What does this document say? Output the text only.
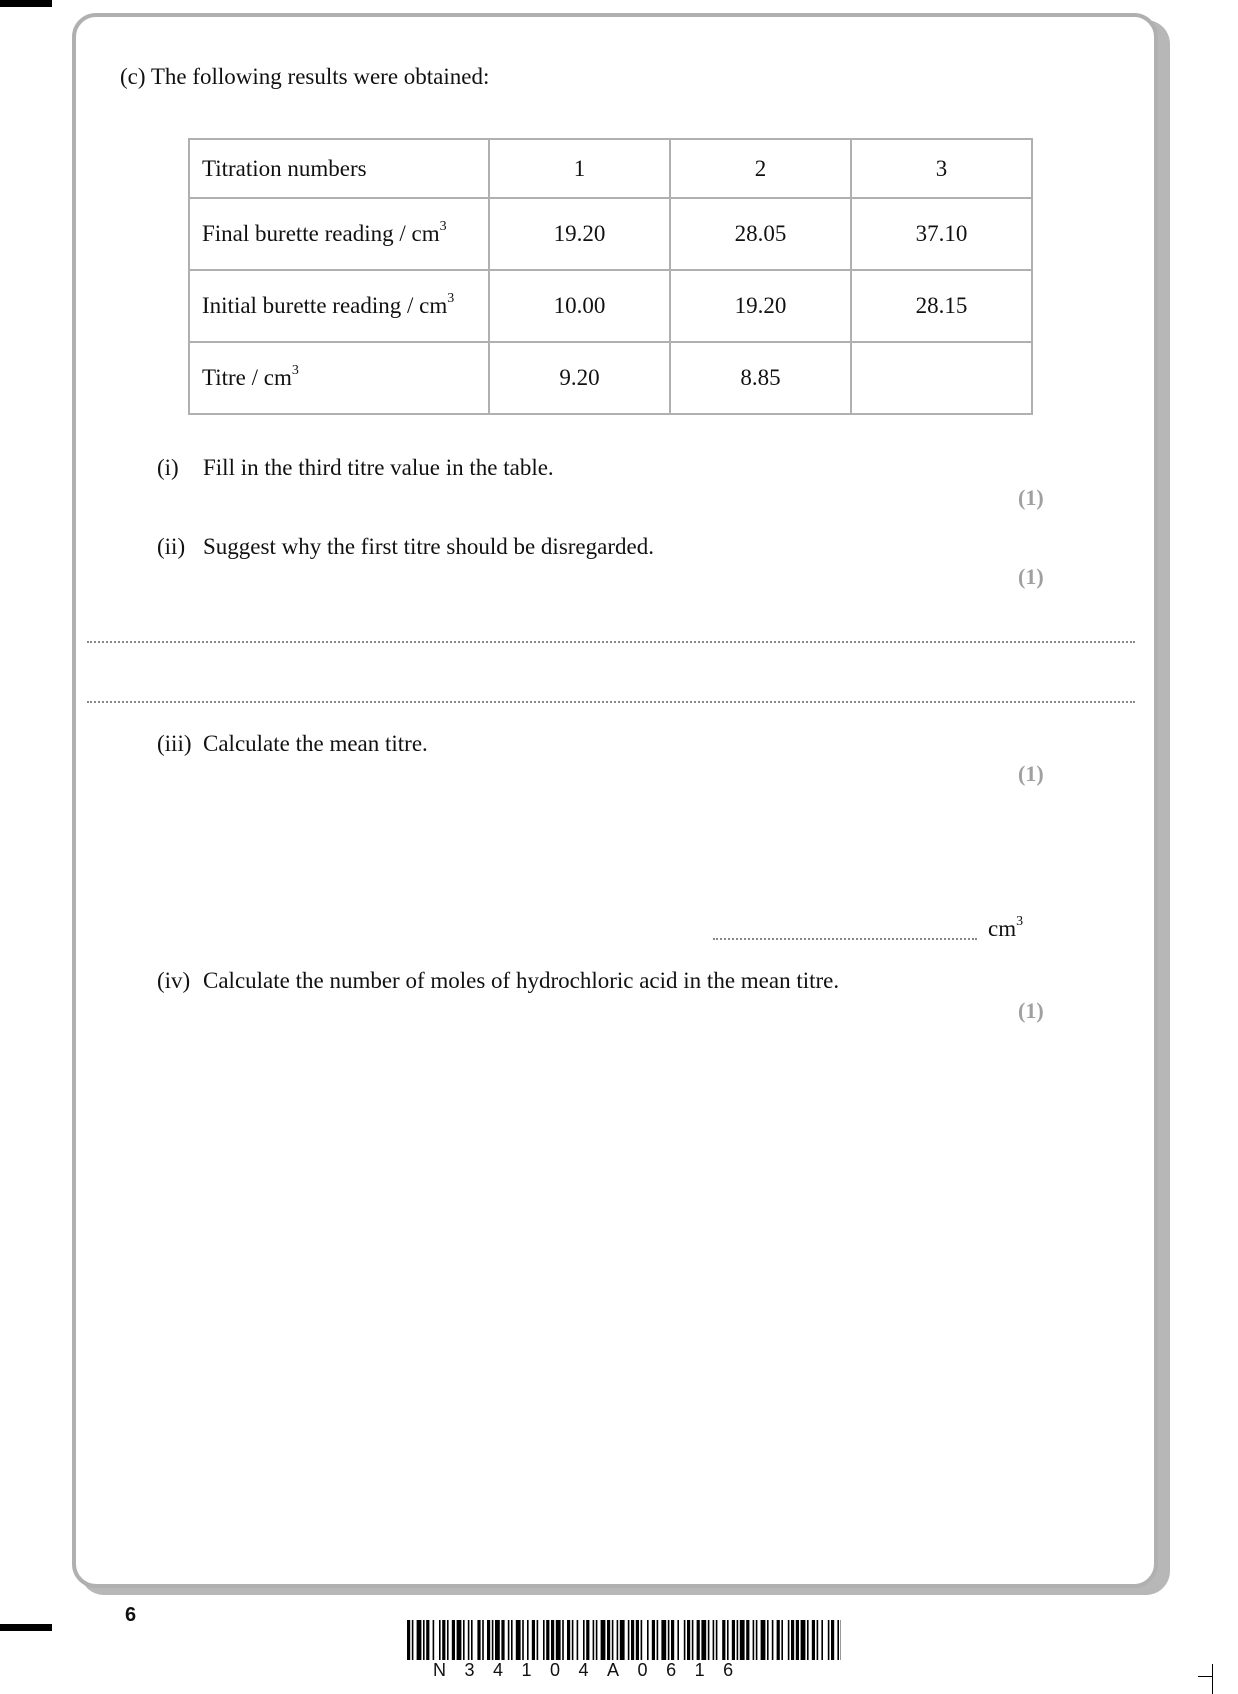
(c) The following results were obtained:
Titration numbers	1	2	3
Final burette reading / $cm^3$	19.20	28.05	37.10
Initial burette reading / $cm^3$	10.00	19.20	28.15
Titre / $cm^3$	9.20	8.85	
(i) Fill in the third titre value in the table.
(1)
(ii) Suggest why the first titre should be disregarded.
(1)
(iii) Calculate the mean titre.
(1)
$cm^3$
(iv) Calculate the number of moles of hydrochloric acid in the mean titre.
(1)
6
N34104A0616
